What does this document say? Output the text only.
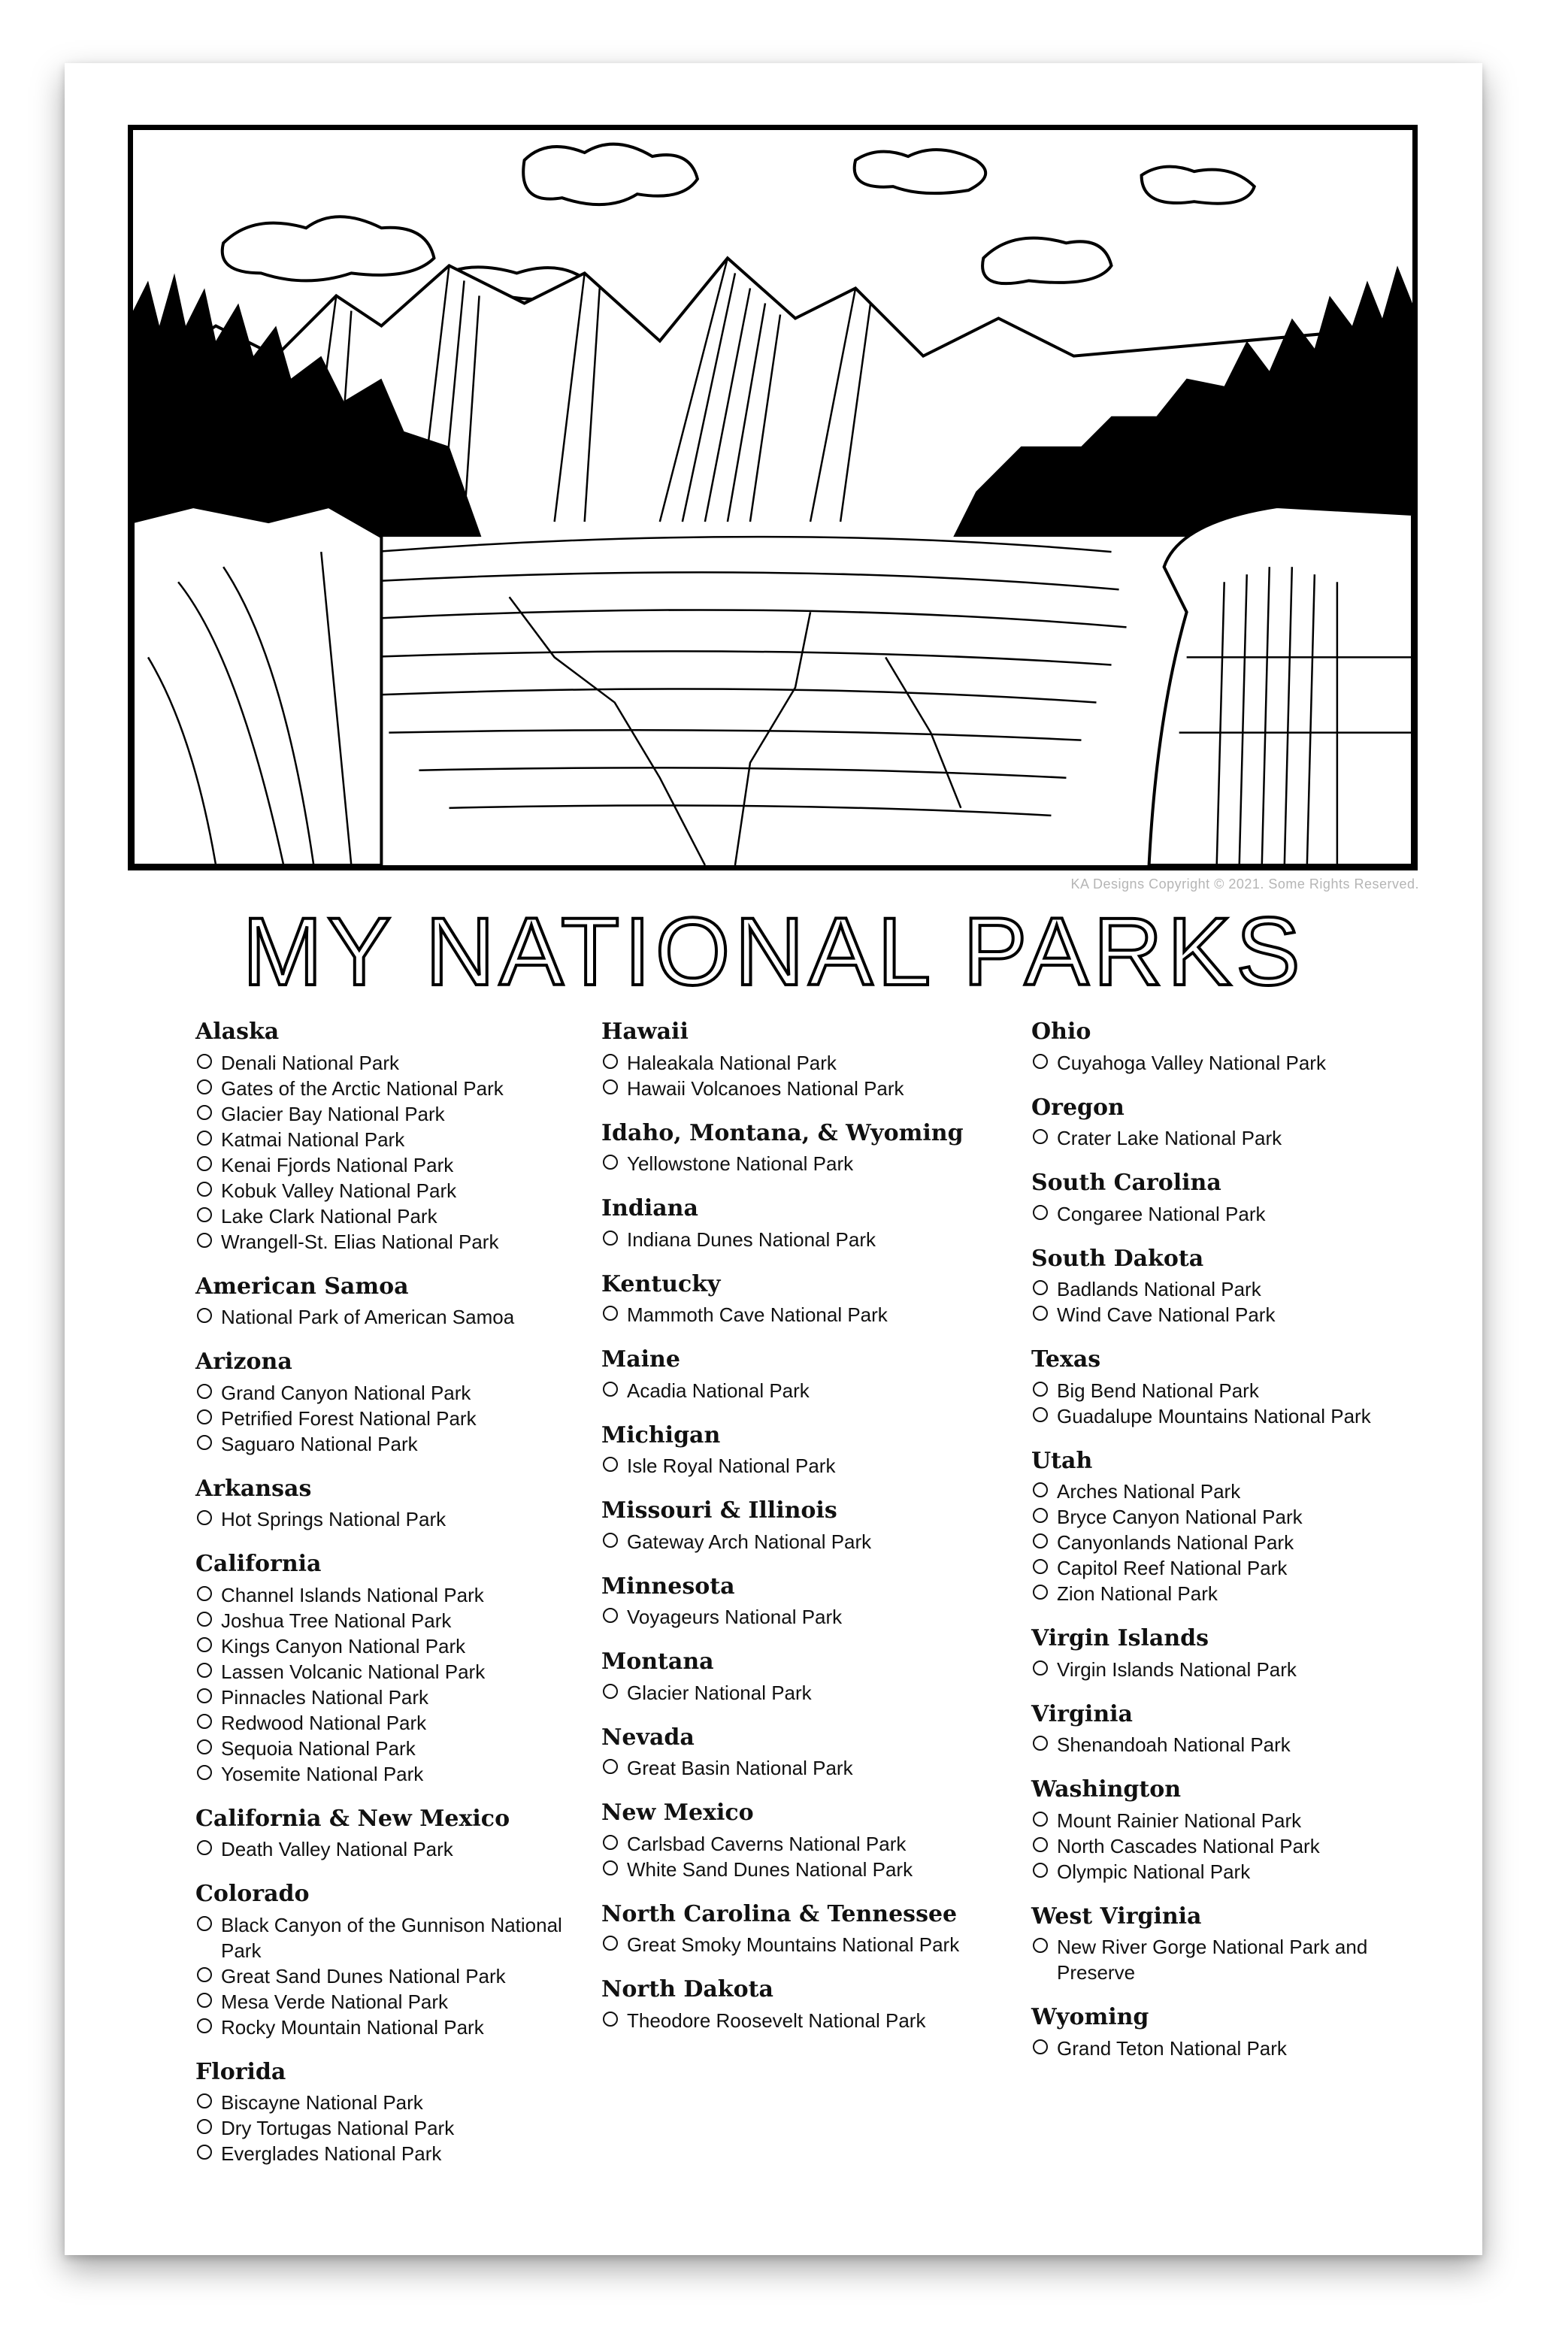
KA Designs Copyright © 2021. Some Rights Reserved.
MY NATIONAL PARKS
Alaska
Denali National Park
Gates of the Arctic National Park
Glacier Bay National Park
Katmai National Park
Kenai Fjords National Park
Kobuk Valley National Park
Lake Clark National Park
Wrangell-St. Elias National Park
American Samoa
National Park of American Samoa
Arizona
Grand Canyon National Park
Petrified Forest National Park
Saguaro National Park
Arkansas
Hot Springs National Park
California
Channel Islands National Park
Joshua Tree National Park
Kings Canyon National Park
Lassen Volcanic National Park
Pinnacles National Park
Redwood National Park
Sequoia National Park
Yosemite National Park
California & New Mexico
Death Valley National Park
Colorado
Black Canyon of the Gunnison National Park
Great Sand Dunes National Park
Mesa Verde National Park
Rocky Mountain National Park
Florida
Biscayne National Park
Dry Tortugas National Park
Everglades National Park
Hawaii
Haleakala National Park
Hawaii Volcanoes National Park
Idaho, Montana, & Wyoming
Yellowstone National Park
Indiana
Indiana Dunes National Park
Kentucky
Mammoth Cave National Park
Maine
Acadia National Park
Michigan
Isle Royal National Park
Missouri & Illinois
Gateway Arch National Park
Minnesota
Voyageurs National Park
Montana
Glacier National Park
Nevada
Great Basin National Park
New Mexico
Carlsbad Caverns National Park
White Sand Dunes National Park
North Carolina & Tennessee
Great Smoky Mountains National Park
North Dakota
Theodore Roosevelt National Park
Ohio
Cuyahoga Valley National Park
Oregon
Crater Lake National Park
South Carolina
Congaree National Park
South Dakota
Badlands National Park
Wind Cave National Park
Texas
Big Bend National Park
Guadalupe Mountains National Park
Utah
Arches National Park
Bryce Canyon National Park
Canyonlands National Park
Capitol Reef National Park
Zion National Park
Virgin Islands
Virgin Islands National Park
Virginia
Shenandoah National Park
Washington
Mount Rainier National Park
North Cascades National Park
Olympic National Park
West Virginia
New River Gorge National Park and Preserve
Wyoming
Grand Teton National Park
